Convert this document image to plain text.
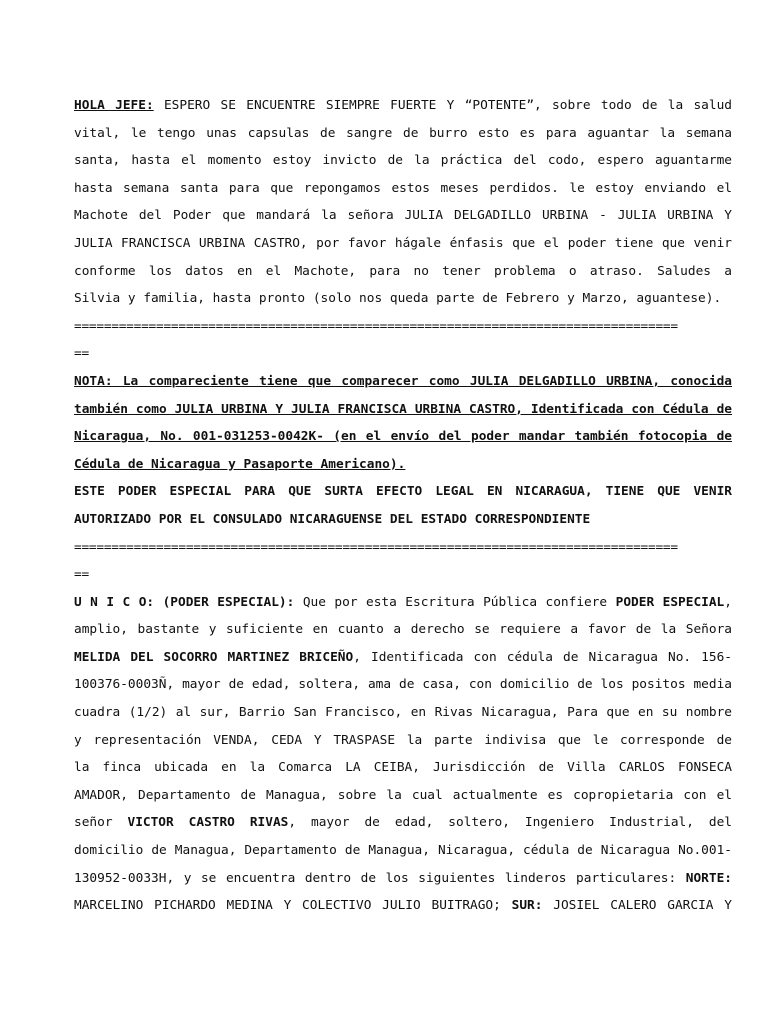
HOLA JEFE: ESPERO SE ENCUENTRE SIEMPRE FUERTE Y “POTENTE”, sobre todo de la salud
vital, le tengo unas capsulas de sangre de burro esto es para aguantar la semana
santa, hasta el momento estoy invicto de la práctica del codo, espero aguantarme
hasta semana santa para que repongamos estos meses perdidos. le estoy enviando el
Machote del Poder que mandará la señora JULIA DELGADILLO URBINA - JULIA URBINA Y
JULIA FRANCISCA URBINA CASTRO, por favor hágale énfasis que el poder tiene que venir
conforme los datos en el Machote, para no tener problema o atraso. Saludes a
Silvia y familia, hasta pronto (solo nos queda parte de Febrero y Marzo, aguantese).
=================================================================================
==
NOTA: La compareciente tiene que comparecer como JULIA DELGADILLO URBINA, conocida
también como JULIA URBINA Y JULIA FRANCISCA URBINA CASTRO, Identificada con Cédula de
Nicaragua, No. 001-031253-0042K- (en el envío del poder mandar también fotocopia de
Cédula de Nicaragua y Pasaporte Americano).
ESTE PODER ESPECIAL PARA QUE SURTA EFECTO LEGAL EN NICARAGUA, TIENE QUE VENIR
AUTORIZADO POR EL CONSULADO NICARAGUENSE DEL ESTADO CORRESPONDIENTE
=================================================================================
==
U N I C O: (PODER ESPECIAL): Que por esta Escritura Pública confiere PODER ESPECIAL,
amplio, bastante y suficiente en cuanto a derecho se requiere a favor de la Señora
MELIDA DEL SOCORRO MARTINEZ BRICEÑO, Identificada con cédula de Nicaragua No. 156-
100376-0003Ñ, mayor de edad, soltera, ama de casa, con domicilio de los positos media
cuadra (1/2) al sur, Barrio San Francisco, en Rivas Nicaragua, Para que en su nombre
y representación VENDA, CEDA Y TRASPASE la parte indivisa que le corresponde de
la finca ubicada en la Comarca LA CEIBA, Jurisdicción de Villa CARLOS FONSECA
AMADOR, Departamento de Managua, sobre la cual actualmente es copropietaria con el
señor VICTOR CASTRO RIVAS, mayor de edad, soltero, Ingeniero Industrial, del
domicilio de Managua, Departamento de Managua, Nicaragua, cédula de Nicaragua No.001-
130952-0033H, y se encuentra dentro de los siguientes linderos particulares: NORTE:
MARCELINO PICHARDO MEDINA Y COLECTIVO JULIO BUITRAGO; SUR: JOSIEL CALERO GARCIA Y
